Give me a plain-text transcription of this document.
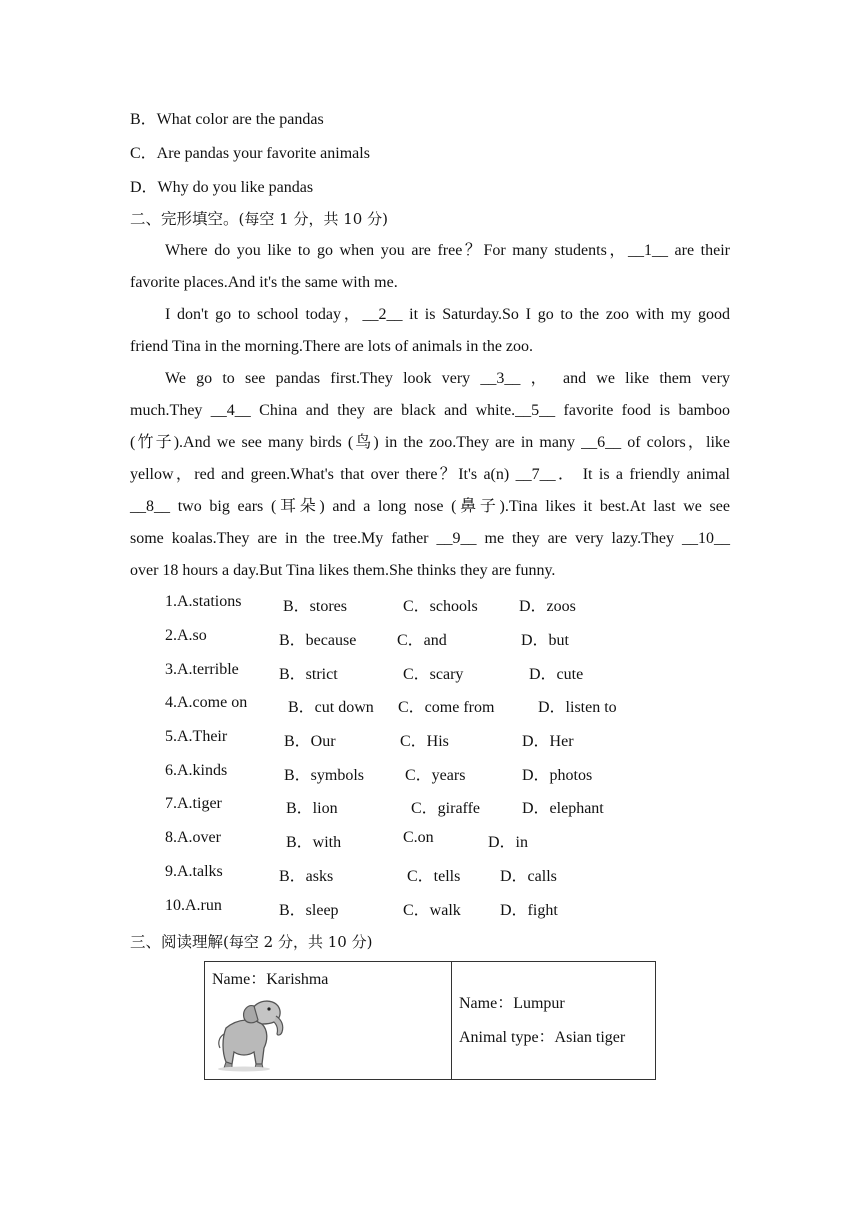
B．What color are the pandas
C．Are pandas your favorite animals
D．Why do you like pandas
二、完形填空。(每空 1 分，共 10 分)
Where do you like to go when you are free？For many students，__1__ are their
favorite places.And it's the same with me.
I don't go to school today，__2__ it is Saturday.So I go to the zoo with my good
friend Tina in the morning.There are lots of animals in the zoo.
We go to see pandas first.They look very __3__ ， and we like them very
much.They __4__ China and they are black and white.__5__ favorite food is bamboo
(竹子).And we see many birds (鸟) in the zoo.They are in many __6__ of colors，like
yellow，red and green.What's that over there？It's a(n) __7__． It is a friendly animal
__8__ two big ears (耳朵) and a long nose (鼻子).Tina likes it best.At last we see
some koalas.They are in the tree.My father __9__ me they are very lazy.They __10__
over 18 hours a day.But Tina likes them.She thinks they are funny.
1.A.stations	B．stores	C．schools	D．zoos
2.A.so	B．because	C．and	D．but
3.A.terrible	B．strict	C．scary	D．cute
4.A.come on	B．cut down C．come from	D．listen to
5.A.Their	B．Our	C．His	D．Her
6.A.kinds	B．symbols	C．years	D．photos
7.A.tiger	B．lion	C．giraffe	D．elephant
8.A.over	B．with	C.on	D．in
9.A.talks	B．asks	C．tells D．calls
10.A.run	B．sleep	C．walk D．fight
三、阅读理解(每空 2 分，共 10 分)
Name：Karishma

Name：Lumpur
Animal type：Asian tiger
